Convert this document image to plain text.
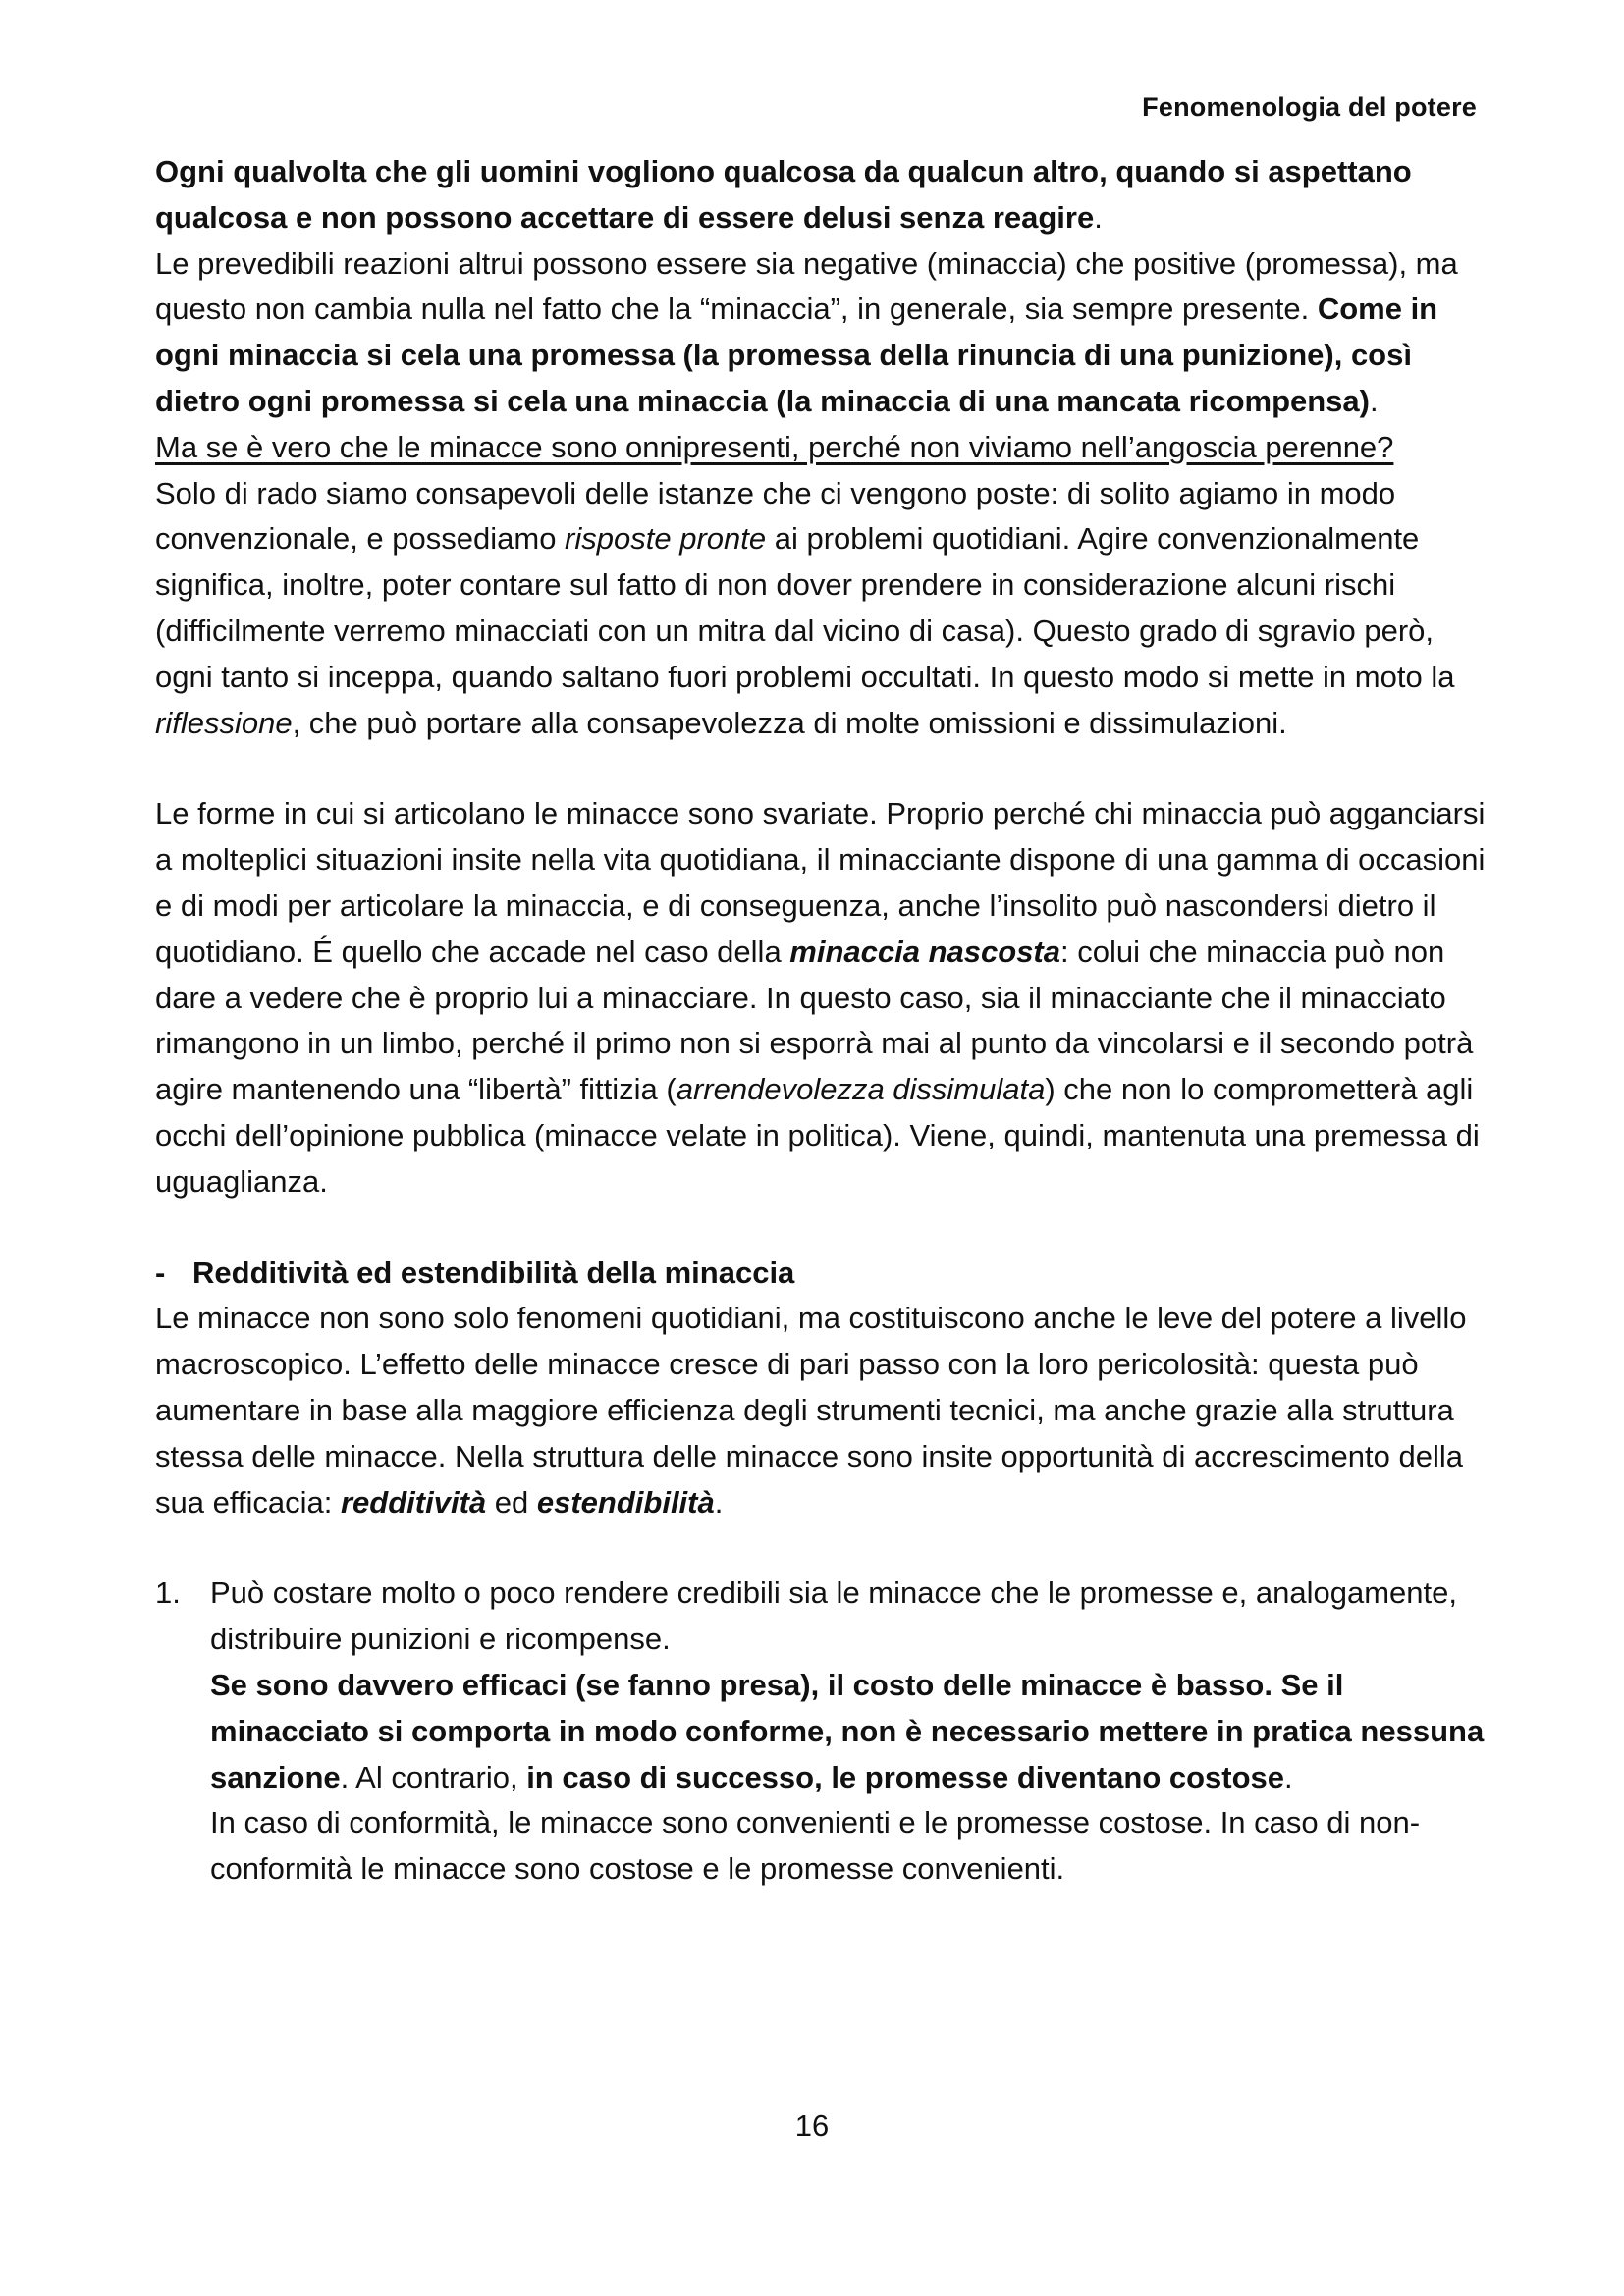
Fenomenologia del potere

Ogni qualvolta che gli uomini vogliono qualcosa da qualcun altro, quando si aspettano qualcosa e non possono accettare di essere delusi senza reagire.

Le prevedibili reazioni altrui possono essere sia negative (minaccia) che positive (promessa), ma questo non cambia nulla nel fatto che la “minaccia”, in generale, sia sempre presente. Come in ogni minaccia si cela una promessa (la promessa della rinuncia di una punizione), così dietro ogni promessa si cela una minaccia (la minaccia di una mancata ricompensa).

Ma se è vero che le minacce sono onnipresenti, perché non viviamo nell’angoscia perenne?

Solo di rado siamo consapevoli delle istanze che ci vengono poste: di solito agiamo in modo convenzionale, e possediamo risposte pronte ai problemi quotidiani. Agire convenzionalmente significa, inoltre, poter contare sul fatto di non dover prendere in considerazione alcuni rischi (difficilmente verremo minacciati con un mitra dal vicino di casa). Questo grado di sgravio però, ogni tanto si inceppa, quando saltano fuori problemi occultati. In questo modo si mette in moto la riflessione, che può portare alla consapevolezza di molte omissioni e dissimulazioni.

Le forme in cui si articolano le minacce sono svariate. Proprio perché chi minaccia può agganciarsi a molteplici situazioni insite nella vita quotidiana, il minacciante dispone di una gamma di occasioni e di modi per articolare la minaccia, e di conseguenza, anche l’insolito può nascondersi dietro il quotidiano. É quello che accade nel caso della minaccia nascosta: colui che minaccia può non dare a vedere che è proprio lui a minacciare. In questo caso, sia il minacciante che il minacciato rimangono in un limbo, perché il primo non si esporrà mai al punto da vincolarsi e il secondo potrà agire mantenendo una “libertà” fittizia (arrendevolezza dissimulata) che non lo comprometterà agli occhi dell’opinione pubblica (minacce velate in politica). Viene, quindi, mantenuta una premessa di uguaglianza.

- Redditività ed estendibilità della minaccia

Le minacce non sono solo fenomeni quotidiani, ma costituiscono anche le leve del potere a livello macroscopico. L’effetto delle minacce cresce di pari passo con la loro pericolosità: questa può aumentare in base alla maggiore efficienza degli strumenti tecnici, ma anche grazie alla struttura stessa delle minacce. Nella struttura delle minacce sono insite opportunità di accrescimento della sua efficacia: redditività ed estendibilità.

1. Può costare molto o poco rendere credibili sia le minacce che le promesse e, analogamente, distribuire punizioni e ricompense.

Se sono davvero efficaci (se fanno presa), il costo delle minacce è basso. Se il minacciato si comporta in modo conforme, non è necessario mettere in pratica nessuna sanzione. Al contrario, in caso di successo, le promesse diventano costose.

In caso di conformità, le minacce sono convenienti e le promesse costose. In caso di non-conformità le minacce sono costose e le promesse convenienti.

16
